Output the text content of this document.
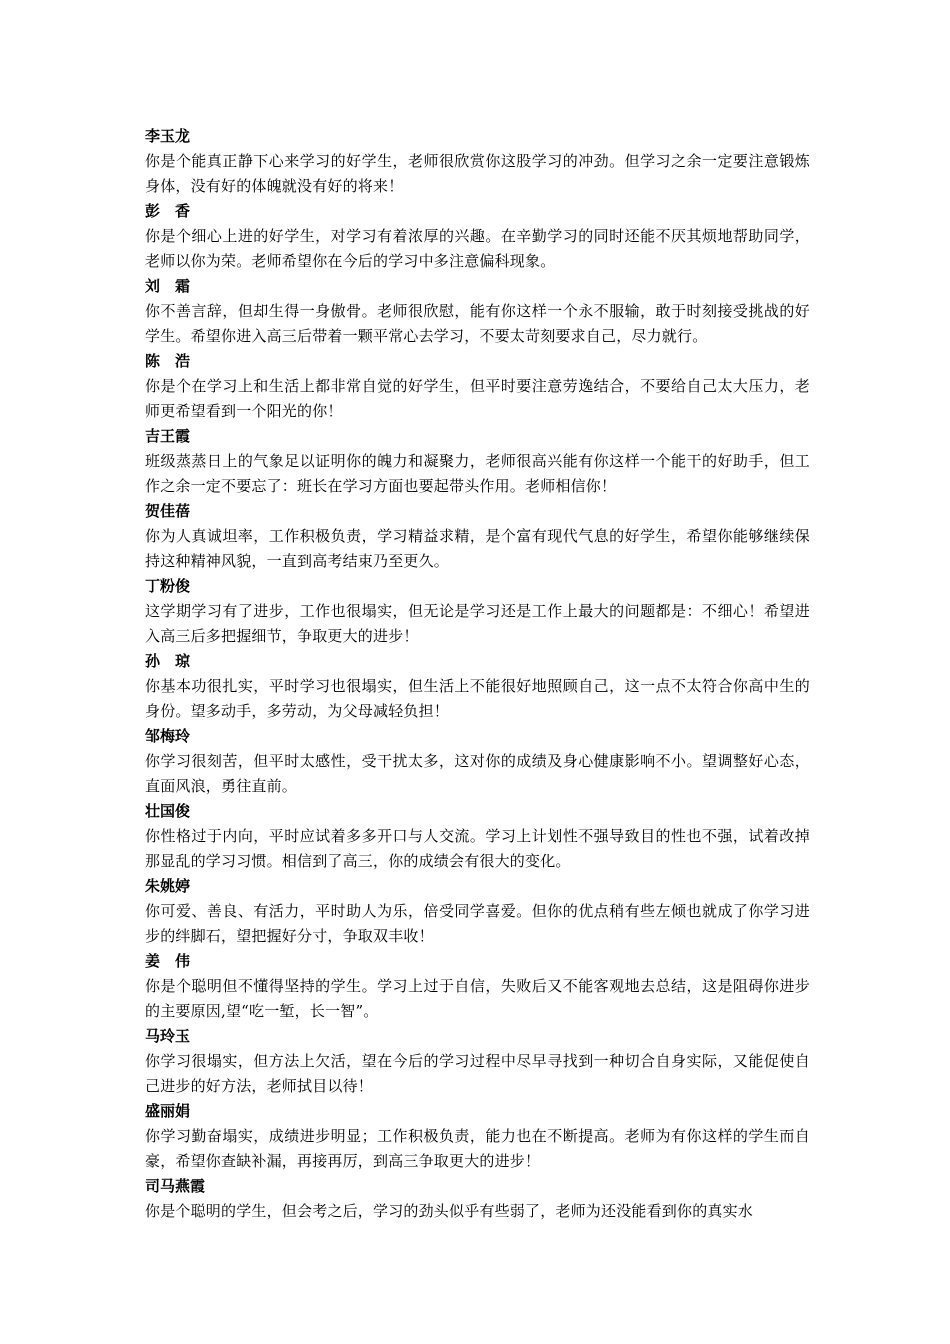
李玉龙
你是个能真正静下心来学习的好学生，老师很欣赏你这股学习的冲劲。但学习之余一定要注意锻炼身体，没有好的体魄就没有好的将来！
彭　香
你是个细心上进的好学生，对学习有着浓厚的兴趣。在辛勤学习的同时还能不厌其烦地帮助同学，老师以你为荣。老师希望你在今后的学习中多注意偏科现象。
刘　霜
你不善言辞，但却生得一身傲骨。老师很欣慰，能有你这样一个永不服输，敢于时刻接受挑战的好学生。希望你进入高三后带着一颗平常心去学习，不要太苛刻要求自己，尽力就行。
陈　浩
你是个在学习上和生活上都非常自觉的好学生，但平时要注意劳逸结合，不要给自己太大压力，老师更希望看到一个阳光的你！
吉王霞
班级蒸蒸日上的气象足以证明你的魄力和凝聚力，老师很高兴能有你这样一个能干的好助手，但工作之余一定不要忘了：班长在学习方面也要起带头作用。老师相信你！
贺佳蓓
你为人真诚坦率，工作积极负责，学习精益求精，是个富有现代气息的好学生，希望你能够继续保持这种精神风貌，一直到高考结束乃至更久。
丁粉俊
这学期学习有了进步，工作也很塌实，但无论是学习还是工作上最大的问题都是：不细心！希望进入高三后多把握细节，争取更大的进步！
孙　琼
你基本功很扎实，平时学习也很塌实，但生活上不能很好地照顾自己，这一点不太符合你高中生的身份。望多动手，多劳动，为父母减轻负担！
邹梅玲
你学习很刻苦，但平时太感性，受干扰太多，这对你的成绩及身心健康影响不小。望调整好心态，直面风浪，勇往直前。
壮国俊
你性格过于内向，平时应试着多多开口与人交流。学习上计划性不强导致目的性也不强，试着改掉那显乱的学习习惯。相信到了高三，你的成绩会有很大的变化。
朱姚婷
你可爱、善良、有活力，平时助人为乐，倍受同学喜爱。但你的优点稍有些左倾也就成了你学习进步的绊脚石，望把握好分寸，争取双丰收！
姜　伟
你是个聪明但不懂得坚持的学生。学习上过于自信，失败后又不能客观地去总结，这是阻碍你进步的主要原因,望“吃一堑，长一智”。
马玲玉
你学习很塌实，但方法上欠活，望在今后的学习过程中尽早寻找到一种切合自身实际，又能促使自己进步的好方法，老师拭目以待！
盛丽娟
你学习勤奋塌实，成绩进步明显；工作积极负责，能力也在不断提高。老师为有你这样的学生而自豪，希望你查缺补漏，再接再厉，到高三争取更大的进步！
司马燕霞
你是个聪明的学生，但会考之后，学习的劲头似乎有些弱了，老师为还没能看到你的真实水
